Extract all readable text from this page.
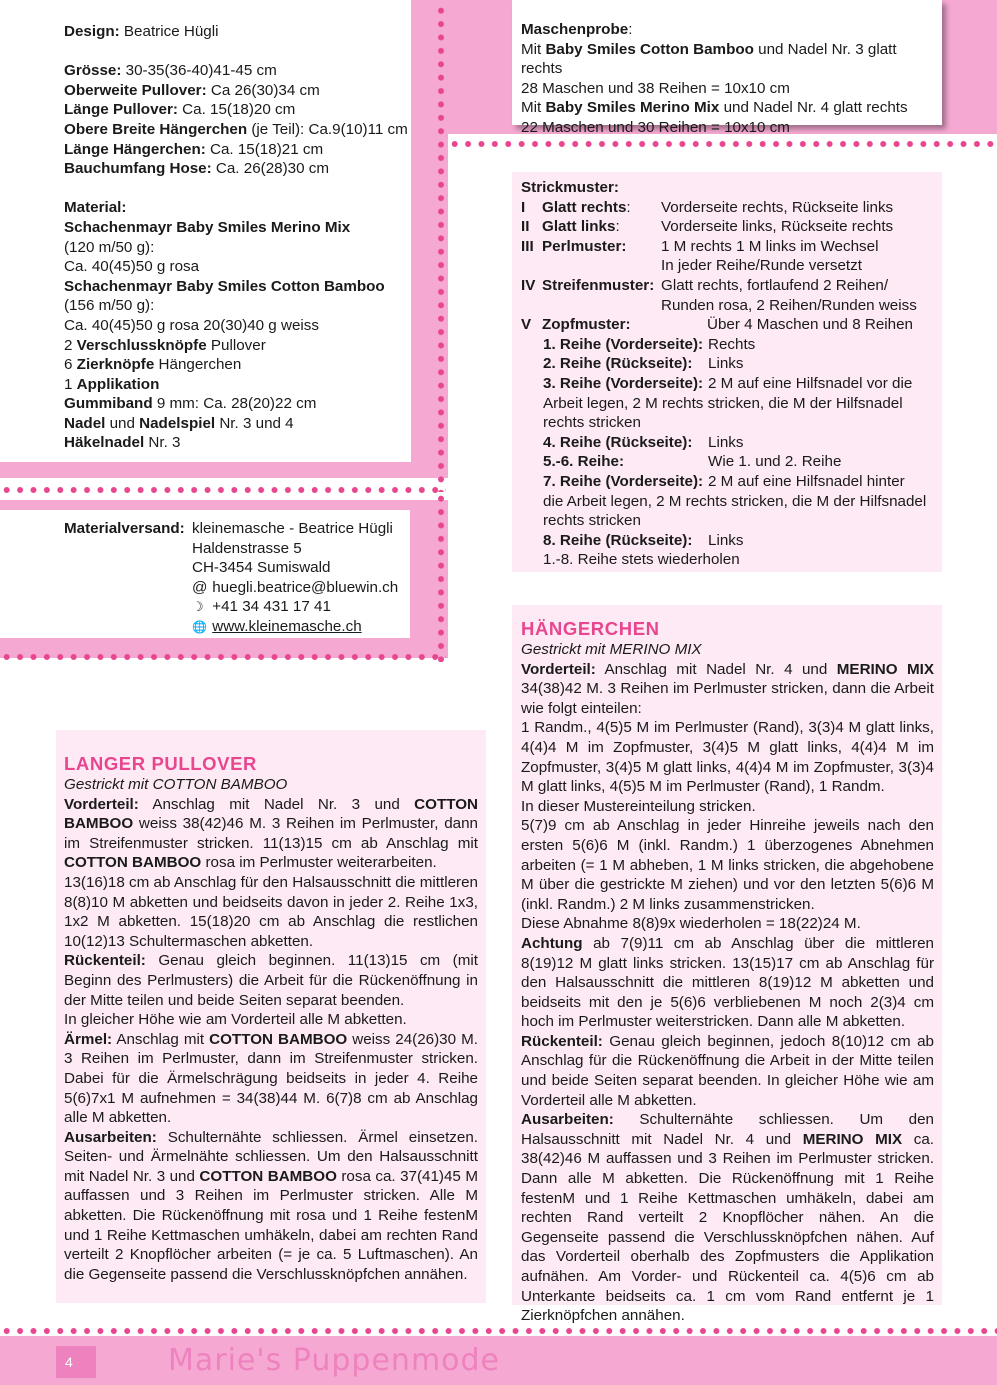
Design: Beatrice Hügli
Grösse: 30-35(36-40)41-45 cm
Oberweite Pullover: Ca 26(30)34 cm
Länge Pullover: Ca. 15(18)20 cm
Obere Breite Hängerchen (je Teil): Ca.9(10)11 cm
Länge Hängerchen: Ca. 15(18)21 cm
Bauchumfang Hose: Ca. 26(28)30 cm
Material:
Schachenmayr Baby Smiles Merino Mix
(120 m/50 g):
Ca. 40(45)50 g rosa
Schachenmayr Baby Smiles Cotton Bamboo
(156 m/50 g):
Ca. 40(45)50 g rosa 20(30)40 g weiss
2 Verschlussknöpfe Pullover
6 Zierknöpfe Hängerchen
1 Applikation
Gummiband 9 mm: Ca. 28(20)22 cm
Nadel und Nadelspiel Nr. 3 und 4
Häkelnadel Nr. 3
Materialversand: kleinemasche - Beatrice Hügli
Haldenstrasse 5
CH-3454 Sumiswald
@ huegli.beatrice@bluewin.ch
☽ +41 34 431 17 41
🌐 www.kleinemasche.ch
Maschenprobe:
Mit Baby Smiles Cotton Bamboo und Nadel Nr. 3 glatt rechts
28 Maschen und 38 Reihen = 10x10 cm
Mit Baby Smiles Merino Mix und Nadel Nr. 4 glatt rechts
22 Maschen und 30 Reihen = 10x10 cm
Strickmuster:
I	Glatt rechts:	Vorderseite rechts, Rückseite links
II Glatt links:	Vorderseite links, Rückseite rechts
III Perlmuster:	1 M rechts 1 M links im Wechsel
In jeder Reihe/Runde versetzt
IV Streifenmuster: Glatt rechts, fortlaufend 2 Reihen/
Runden rosa, 2 Reihen/Runden weiss
V Zopfmuster:	Über 4 Maschen und 8 Reihen
1. Reihe (Vorderseite): Rechts
2. Reihe (Rückseite):	Links
3. Reihe (Vorderseite): 2 M auf eine Hilfsnadel vor die
Arbeit legen, 2 M rechts stricken, die M der Hilfsnadel
rechts stricken
4. Reihe (Rückseite):	Links
5.-6. Reihe:	Wie 1. und 2. Reihe
7. Reihe (Vorderseite): 2 M auf eine Hilfsnadel hinter
die Arbeit legen, 2 M rechts stricken, die M der Hilfsnadel
rechts stricken
8. Reihe (Rückseite):	Links
1.-8. Reihe stets wiederholen
LANGER PULLOVER
Gestrickt mit COTTON BAMBOO

Vorderteil: Anschlag mit Nadel Nr. 3 und COTTON BAMBOO weiss 38(42)46 M. 3 Reihen im Perlmuster, dann im Streifenmuster stricken. 11(13)15 cm ab Anschlag mit COTTON BAMBOO rosa im Perlmuster weiterarbeiten.

13(16)18 cm ab Anschlag für den Halsausschnitt die mittleren 8(8)10 M abketten und beidseits davon in jeder 2. Reihe 1x3, 1x2 M abketten. 15(18)20 cm ab Anschlag die restlichen 10(12)13 Schultermaschen abketten.

Rückenteil: Genau gleich beginnen. 11(13)15 cm (mit Beginn des Perlmusters) die Arbeit für die Rückenöffnung in der Mitte teilen und beide Seiten separat beenden.

In gleicher Höhe wie am Vorderteil alle M abketten.

Ärmel: Anschlag mit COTTON BAMBOO weiss 24(26)30 M. 3 Reihen im Perlmuster, dann im Streifenmuster stricken. Dabei für die Ärmelschrägung beidseits in jeder 4. Reihe 5(6)7x1 M aufnehmen = 34(38)44 M. 6(7)8 cm ab Anschlag alle M abketten.

Ausarbeiten: Schulternähte schliessen. Ärmel einsetzen. Seiten- und Ärmelnähte schliessen. Um den Halsausschnitt mit Nadel Nr. 3 und COTTON BAMBOO rosa ca. 37(41)45 M auffassen und 3 Reihen im Perlmuster stricken. Alle M abketten. Die Rückenöffnung mit rosa und 1 Reihe festenM und 1 Reihe Kettmaschen umhäkeln, dabei am rechten Rand verteilt 2 Knopflöcher arbeiten (= je ca. 5 Luftmaschen). An die Gegenseite passend die Verschlussknöpfchen annähen.

HÄNGERCHEN
Gestrickt mit MERINO MIX

Vorderteil: Anschlag mit Nadel Nr. 4 und MERINO MIX 34(38)42 M. 3 Reihen im Perlmuster stricken, dann die Arbeit wie folgt einteilen:

1 Randm., 4(5)5 M im Perlmuster (Rand), 3(3)4 M glatt links, 4(4)4 M im Zopfmuster, 3(4)5 M glatt links, 4(4)4 M im Zopfmuster, 3(4)5 M glatt links, 4(4)4 M im Zopfmuster, 3(3)4 M glatt links, 4(5)5 M im Perlmuster (Rand), 1 Randm.

In dieser Mustereinteilung stricken.

5(7)9 cm ab Anschlag in jeder Hinreihe jeweils nach den ersten 5(6)6 M (inkl. Randm.) 1 überzogenes Abnehmen arbeiten (= 1 M abheben, 1 M links stricken, die abgehobene M über die gestrickte M ziehen) und vor den letzten 5(6)6 M (inkl. Randm.) 2 M links zusammenstricken.

Diese Abnahme 8(8)9x wiederholen = 18(22)24 M.

Achtung ab 7(9)11 cm ab Anschlag über die mittleren 8(19)12 M glatt links stricken. 13(15)17 cm ab Anschlag für den Halsausschnitt die mittleren 8(19)12 M abketten und beidseits mit den je 5(6)6 verbliebenen M noch 2(3)4 cm hoch im Perlmuster weiterstricken. Dann alle M abketten.

Rückenteil: Genau gleich beginnen, jedoch 8(10)12 cm ab Anschlag für die Rückenöffnung die Arbeit in der Mitte teilen und beide Seiten separat beenden. In gleicher Höhe wie am Vorderteil alle M abketten.

Ausarbeiten: Schulternähte schliessen. Um den Halsausschnitt mit Nadel Nr. 4 und MERINO MIX ca. 38(42)46 M auffassen und 3 Reihen im Perlmuster stricken. Dann alle M abketten. Die Rückenöffnung mit 1 Reihe festenM und 1 Reihe Kettmaschen umhäkeln, dabei am rechten Rand verteilt 2 Knopflöcher nähen. An die Gegenseite passend die Verschlussknöpfchen nähen. Auf das Vorderteil oberhalb des Zopfmusters die Applikation aufnähen. Am Vorder- und Rückenteil ca. 4(5)6 cm ab Unterkante beidseits ca. 1 cm vom Rand entfernt je 1 Zierknöpfchen annähen.

4	Marie's Puppenmode
